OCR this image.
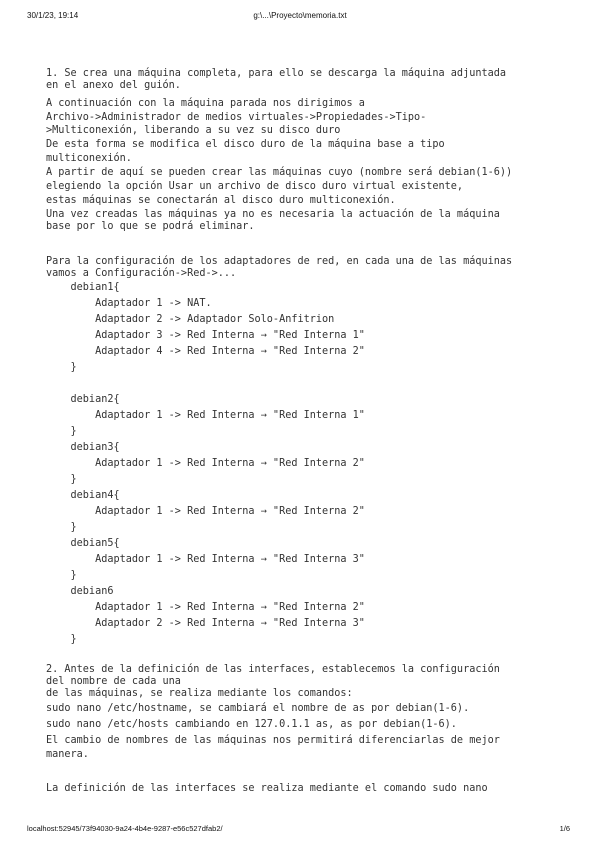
30/1/23, 19:14	g:\...\Proyecto\memoria.txt
1. Se crea una máquina completa, para ello se descarga la máquina adjuntada
en el anexo del guión.
A continuación con la máquina parada nos dirigimos a
Archivo->Administrador de medios virtuales->Propiedades->Tipo-
>Multiconexión, liberando a su vez su disco duro
De esta forma se modifica el disco duro de la máquina base a tipo
multiconexión.
A partir de aquí se pueden crear las máquinas cuyo (nombre será debian(1-6))
elegiendo la opción Usar un archivo de disco duro virtual existente,
estas máquinas se conectarán al disco duro multiconexión.
Una vez creadas las máquinas ya no es necesaria la actuación de la máquina
base por lo que se podrá eliminar.
Para la configuración de los adaptadores de red, en cada una de las máquinas
vamos a Configuración->Red->...
debian1{
Adaptador 1 -> NAT.
Adaptador 2 -> Adaptador Solo-Anfitrion
Adaptador 3 -> Red Interna → "Red Interna 1"
Adaptador 4 -> Red Interna → "Red Interna 2"
}
debian2{
Adaptador 1 -> Red Interna → "Red Interna 1"
}
debian3{
Adaptador 1 -> Red Interna → "Red Interna 2"
}
debian4{
Adaptador 1 -> Red Interna → "Red Interna 2"
}
debian5{
Adaptador 1 -> Red Interna → "Red Interna 3"
}
debian6
Adaptador 1 -> Red Interna → "Red Interna 2"
Adaptador 2 -> Red Interna → "Red Interna 3"
}
2. Antes de la definición de las interfaces, establecemos la configuración
del nombre de cada una
de las máquinas, se realiza mediante los comandos:
sudo nano /etc/hostname, se cambiará el nombre de as por debian(1-6).
sudo nano /etc/hosts cambiando en 127.0.1.1 as, as por debian(1-6).
El cambio de nombres de las máquinas nos permitirá diferenciarlas de mejor
manera.
La definición de las interfaces se realiza mediante el comando sudo nano
localhost:52945/73f94030-9a24-4b4e-9287-e56c527dfab2/	1/6
